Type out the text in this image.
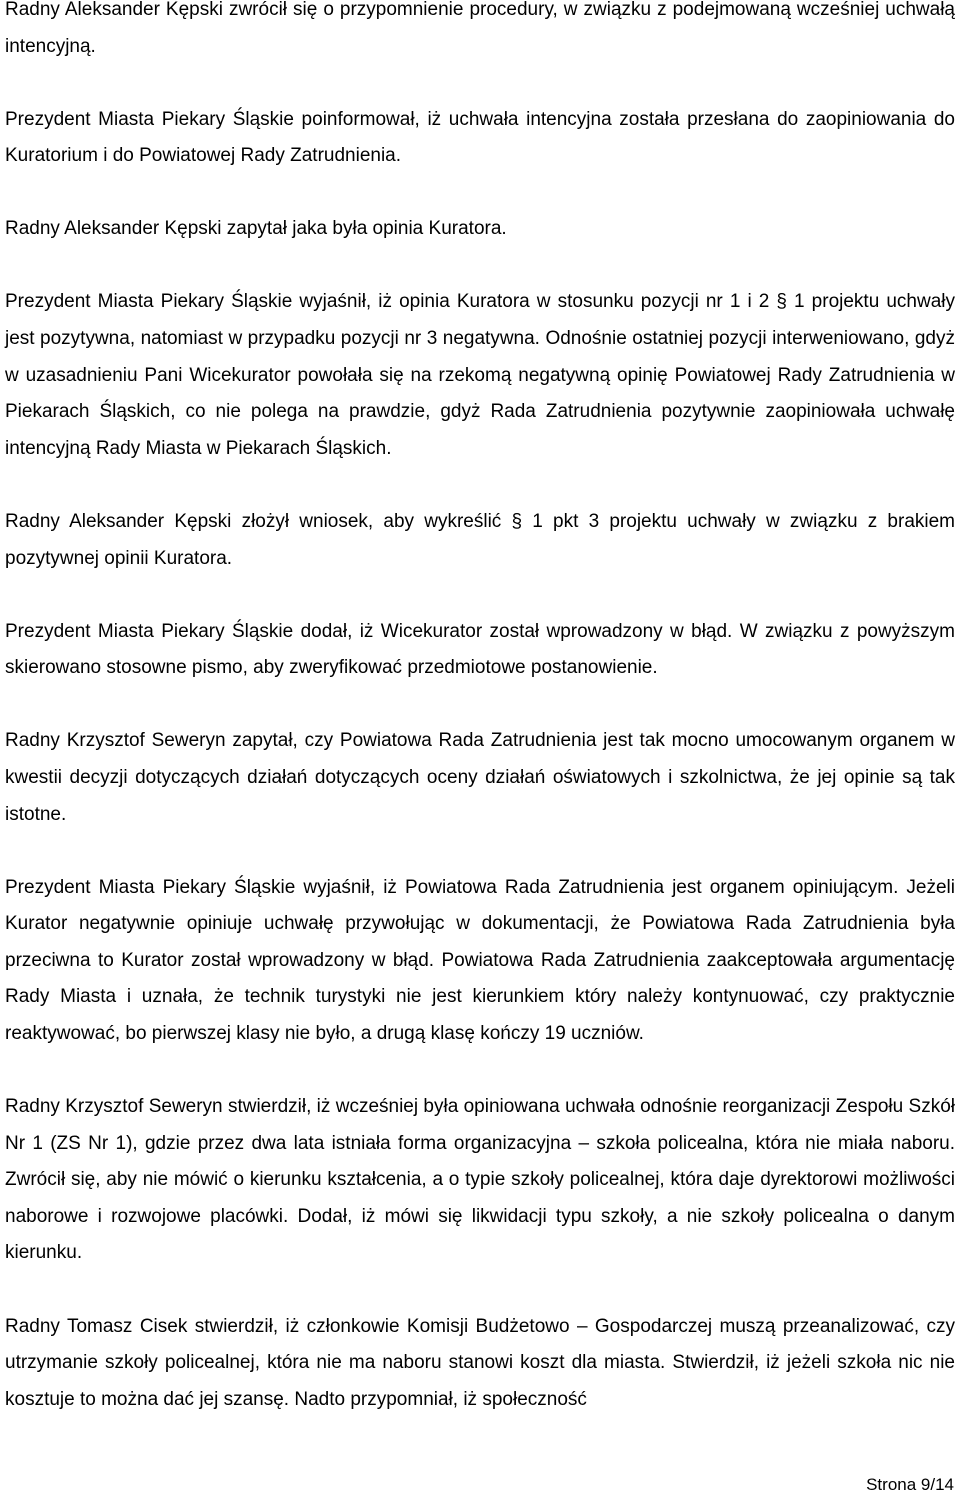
Radny Aleksander Kępski zwrócił się o przypomnienie procedury, w związku z podejmowaną wcześniej uchwałą intencyjną.

Prezydent Miasta Piekary Śląskie poinformował, iż uchwała intencyjna została przesłana do zaopiniowania do Kuratorium i do Powiatowej Rady Zatrudnienia.

Radny Aleksander Kępski zapytał jaka była opinia Kuratora.

Prezydent Miasta Piekary Śląskie wyjaśnił, iż opinia Kuratora w stosunku pozycji nr 1 i 2 § 1 projektu uchwały jest pozytywna, natomiast w przypadku pozycji nr 3 negatywna. Odnośnie ostatniej pozycji interweniowano, gdyż w uzasadnieniu Pani Wicekurator powołała się na rzekomą negatywną opinię Powiatowej Rady Zatrudnienia w Piekarach Śląskich, co nie polega na prawdzie, gdyż Rada Zatrudnienia pozytywnie zaopiniowała uchwałę intencyjną Rady Miasta w Piekarach Śląskich.

Radny Aleksander Kępski złożył wniosek, aby wykreślić § 1 pkt 3 projektu uchwały w związku z brakiem pozytywnej opinii Kuratora.

Prezydent Miasta Piekary Śląskie dodał, iż Wicekurator został wprowadzony w błąd. W związku z powyższym skierowano stosowne pismo, aby zweryfikować przedmiotowe postanowienie.

Radny Krzysztof Seweryn zapytał, czy Powiatowa Rada Zatrudnienia jest tak mocno umocowanym organem w kwestii decyzji dotyczących działań dotyczących oceny działań oświatowych i szkolnictwa, że jej opinie są tak istotne.

Prezydent Miasta Piekary Śląskie wyjaśnił, iż Powiatowa Rada Zatrudnienia jest organem opiniującym. Jeżeli Kurator negatywnie opiniuje uchwałę przywołując w dokumentacji, że Powiatowa Rada Zatrudnienia była przeciwna to Kurator został wprowadzony w błąd. Powiatowa Rada Zatrudnienia zaakceptowała argumentację Rady Miasta i uznała, że technik turystyki nie jest kierunkiem który należy kontynuować, czy praktycznie reaktywować, bo pierwszej klasy nie było, a drugą klasę kończy 19 uczniów.

Radny Krzysztof Seweryn stwierdził, iż wcześniej była opiniowana uchwała odnośnie reorganizacji Zespołu Szkół Nr 1 (ZS Nr 1), gdzie przez dwa lata istniała forma organizacyjna – szkoła policealna, która nie miała naboru. Zwrócił się, aby nie mówić o kierunku kształcenia, a o typie szkoły policealnej, która daje dyrektorowi możliwości naborowe i rozwojowe placówki. Dodał, iż mówi się likwidacji typu szkoły, a nie szkoły policealna o danym kierunku.

Radny Tomasz Cisek stwierdził, iż członkowie Komisji Budżetowo – Gospodarczej muszą przeanalizować, czy utrzymanie szkoły policealnej, która nie ma naboru stanowi koszt dla miasta. Stwierdził, iż jeżeli szkoła nic nie kosztuje to można dać jej szansę. Nadto przypomniał, iż społeczność

Strona 9/14
